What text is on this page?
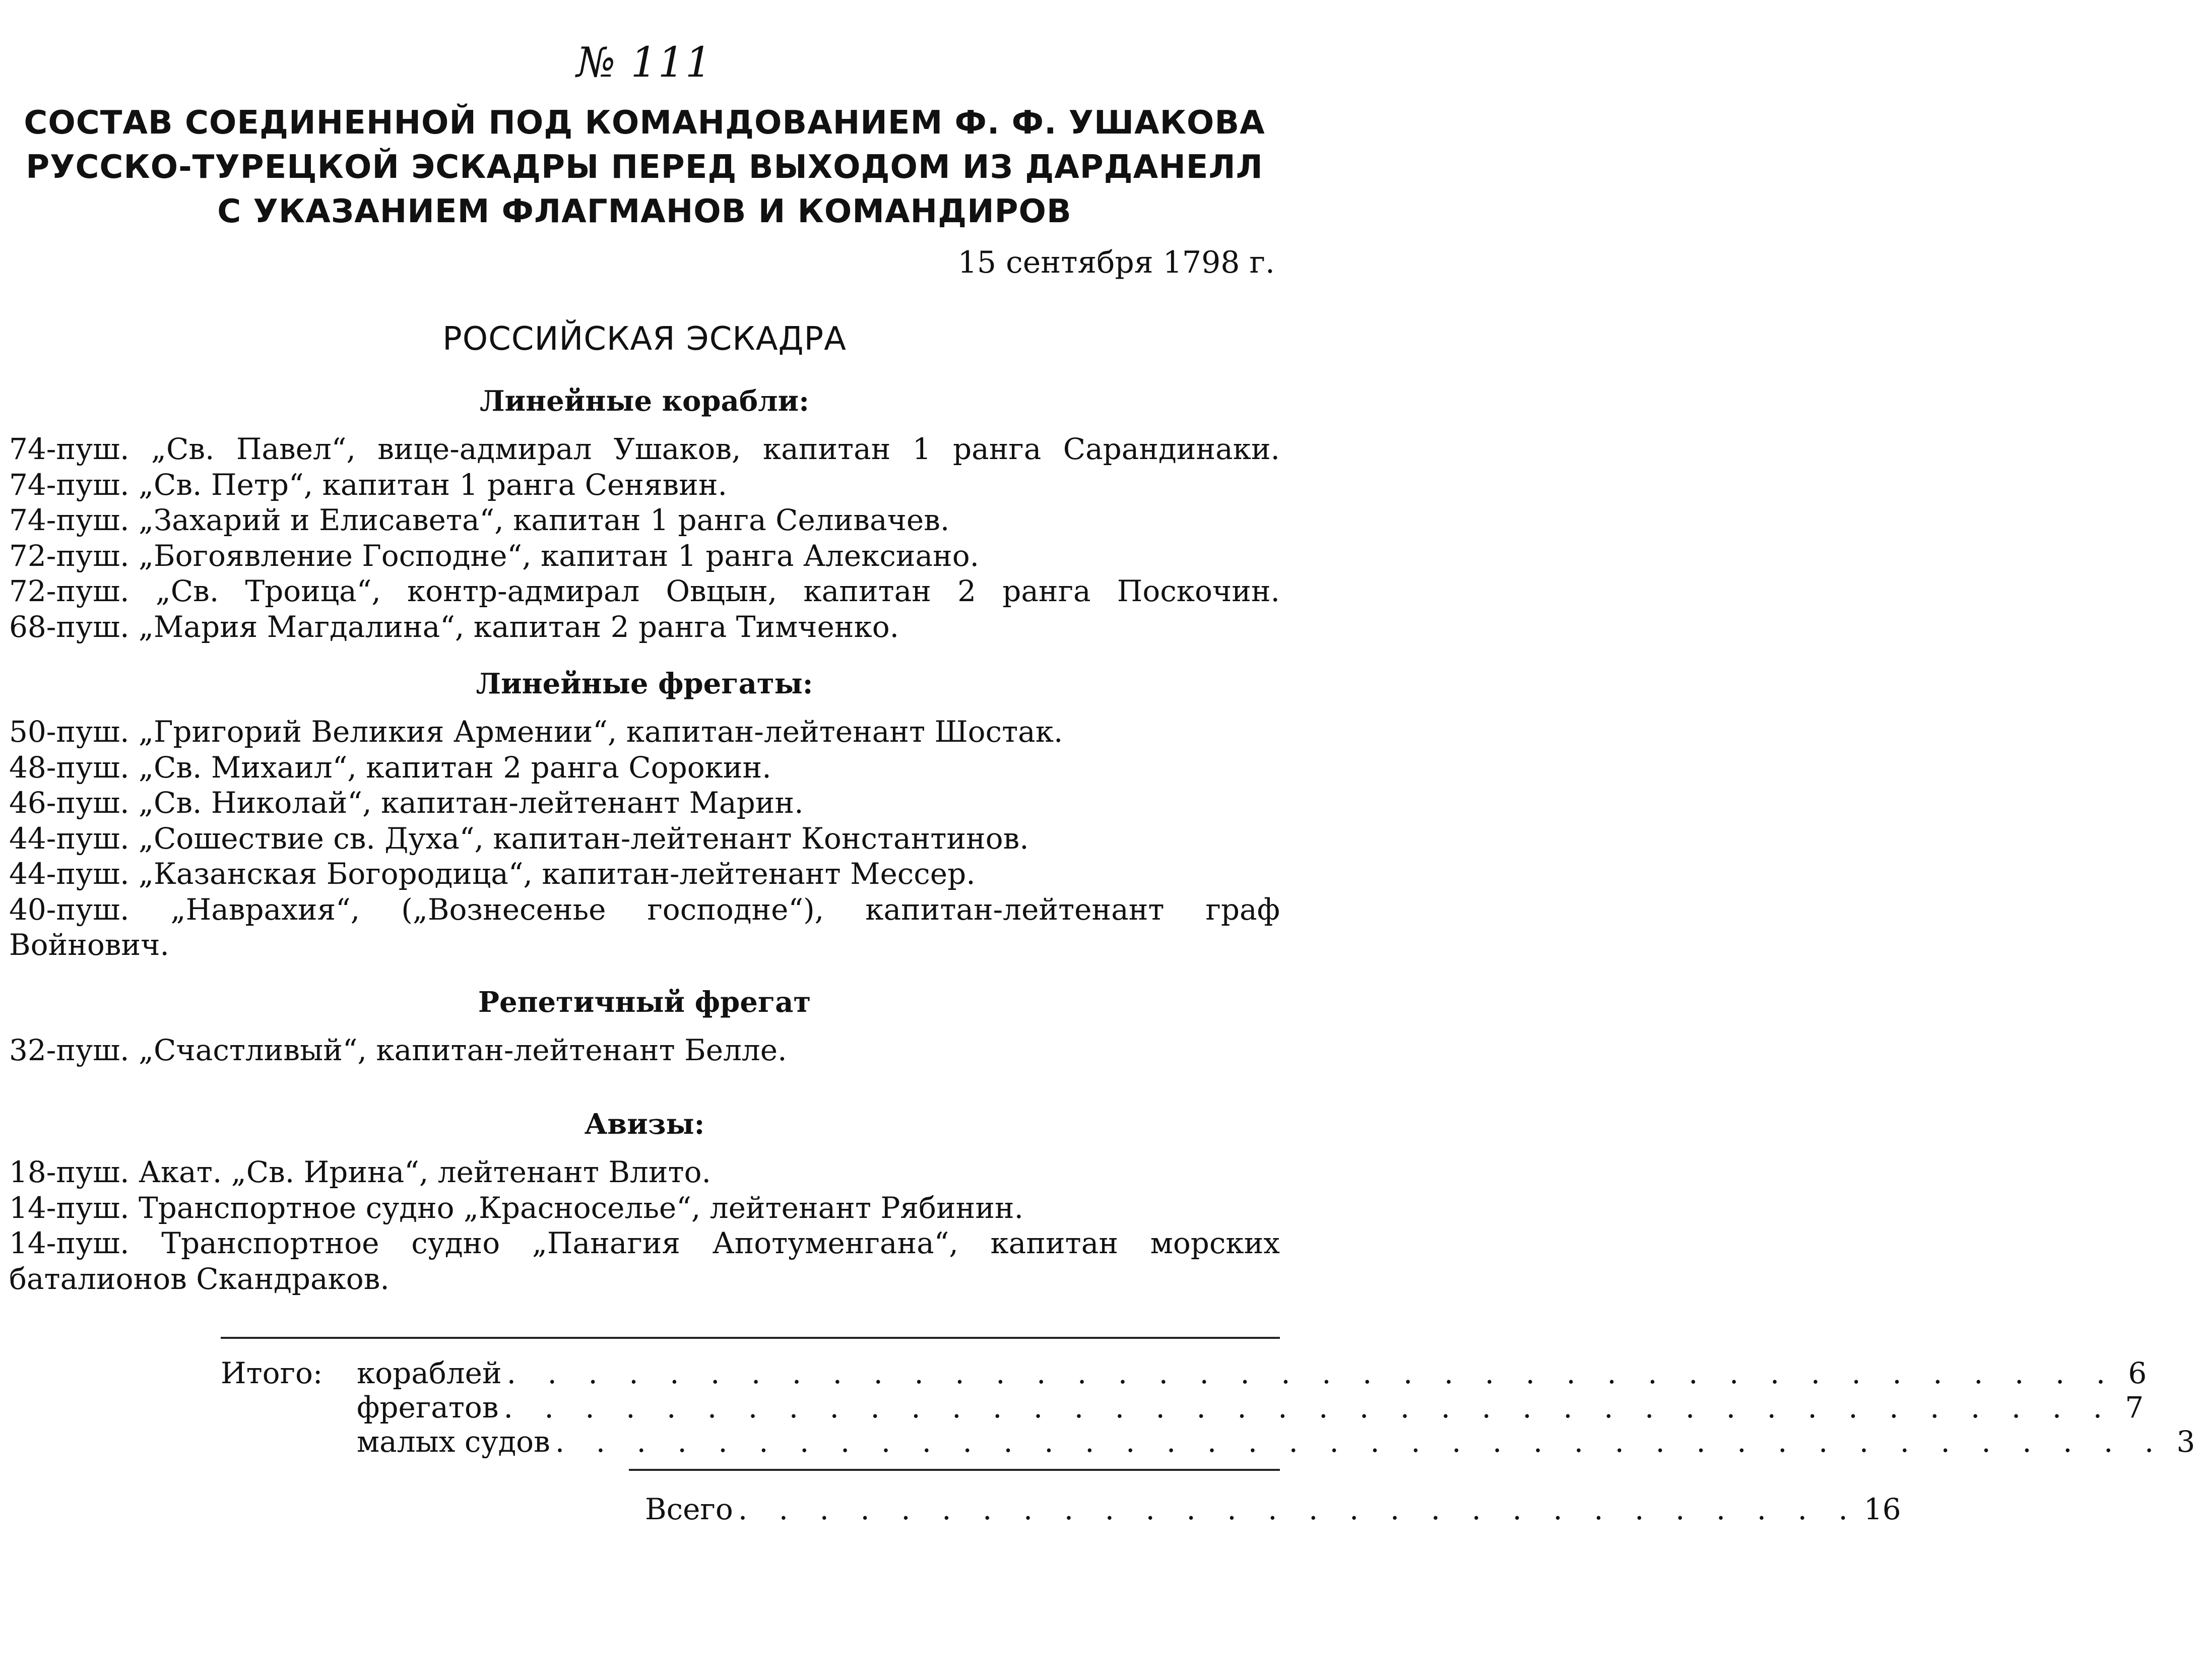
№ 111
СОСТАВ СОЕДИНЕННОЙ ПОД КОМАНДОВАНИЕМ Ф. Ф. УШАКОВА
РУССКО-ТУРЕЦКОЙ ЭСКАДРЫ ПЕРЕД ВЫХОДОМ ИЗ ДАРДАНЕЛЛ
С УКАЗАНИЕМ ФЛАГМАНОВ И КОМАНДИРОВ
15 сентября 1798 г.
РОССИЙСКАЯ ЭСКАДРА
Линейные корабли:
74-пуш. „Св. Павел“, вице-адмирал Ушаков, капитан 1 ранга Сарандинаки.
74-пуш. „Св. Петр“, капитан 1 ранга Сенявин.
74-пуш. „Захарий и Елисавета“, капитан 1 ранга Селивачев.
72-пуш. „Богоявление Господне“, капитан 1 ранга Алексиано.
72-пуш. „Св. Троица“, контр-адмирал Овцын, капитан 2 ранга Поскочин.
68-пуш. „Мария Магдалина“, капитан 2 ранга Тимченко.
Линейные фрегаты:
50-пуш. „Григорий Великия Армении“, капитан-лейтенант Шостак.
48-пуш. „Св. Михаил“, капитан 2 ранга Сорокин.
46-пуш. „Св. Николай“, капитан-лейтенант Марин.
44-пуш. „Сошествие св. Духа“, капитан-лейтенант Константинов.
44-пуш. „Казанская Богородица“, капитан-лейтенант Мессер.
40-пуш. „Наврахия“, („Вознесенье господне“), капитан-лейтенант граф Войнович.
Репетичный фрегат
32-пуш. „Счастливый“, капитан-лейтенант Белле.
Авизы:
18-пуш. Акат. „Св. Ирина“, лейтенант Влито.
14-пуш. Транспортное судно „Красноселье“, лейтенант Рябинин.
14-пуш. Транспортное судно „Панагия Апотуменгана“, капитан морских баталионов Скандраков.
Итого:	кораблей . . . . . . . . . . . . . . . . . . . . . . . . . . . . . . . . . . . . . . . . 6
фрегатов . . . . . . . . . . . . . . . . . . . . . . . . . . . . . . . . . . . . . . . . 7
малых судов . . . . . . . . . . . . . . . . . . . . . . . . . . . . . . . . . . . . . . . . 3
Всего . . . . . . . . . . . . . . . . . . . . . . . . . . . . 16
